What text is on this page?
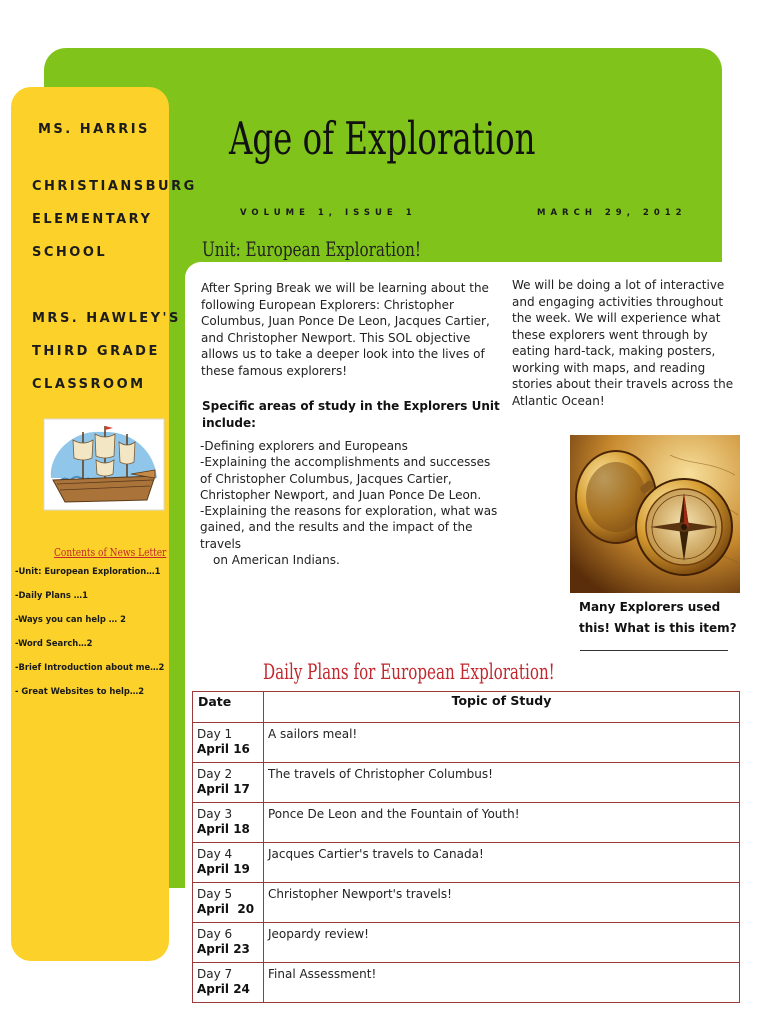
MS. HARRIS
CHRISTIANSBURG
ELEMENTARY
SCHOOL
MRS. HAWLEY'S
THIRD GRADE
CLASSROOM
Contents of News Letter
-Unit: European Exploration…1
-Daily Plans …1
-Ways you can help … 2
-Word Search…2
-Brief Introduction about me…2
- Great Websites to help…2
Age of Exploration
VOLUME 1, ISSUE 1	MARCH 29, 2012
Unit: European Exploration!
After Spring Break we will be learning about the following European Explorers: Christopher Columbus, Juan Ponce De Leon, Jacques Cartier, and Christopher Newport. This SOL objective allows us to take a deeper look into the lives of these famous explorers!
We will be doing a lot of interactive and engaging activities throughout the week. We will experience what these explorers went through by eating hard-tack, making posters, working with maps, and reading stories about their travels across the Atlantic Ocean!
Specific areas of study in the Explorers Unit include:
-Defining explorers and Europeans
-Explaining the accomplishments and successes of Christopher Columbus, Jacques Cartier, Christopher Newport, and Juan Ponce De Leon.
-Explaining the reasons for exploration, what was gained, and the results and the impact of the travels
on American Indians.
Many Explorers used this! What is this item?
Daily Plans for European Exploration!
Date	Topic of Study

Day 1
April 16	A sailors meal!

Day 2
April 17	The travels of Christopher Columbus!

Day 3
April 18	Ponce De Leon and the Fountain of Youth!

Day 4
April 19	Jacques Cartier's travels to Canada!

Day 5
April  20	Christopher Newport's travels!

Day 6
April 23	Jeopardy review!

Day 7
April 24	Final Assessment!
